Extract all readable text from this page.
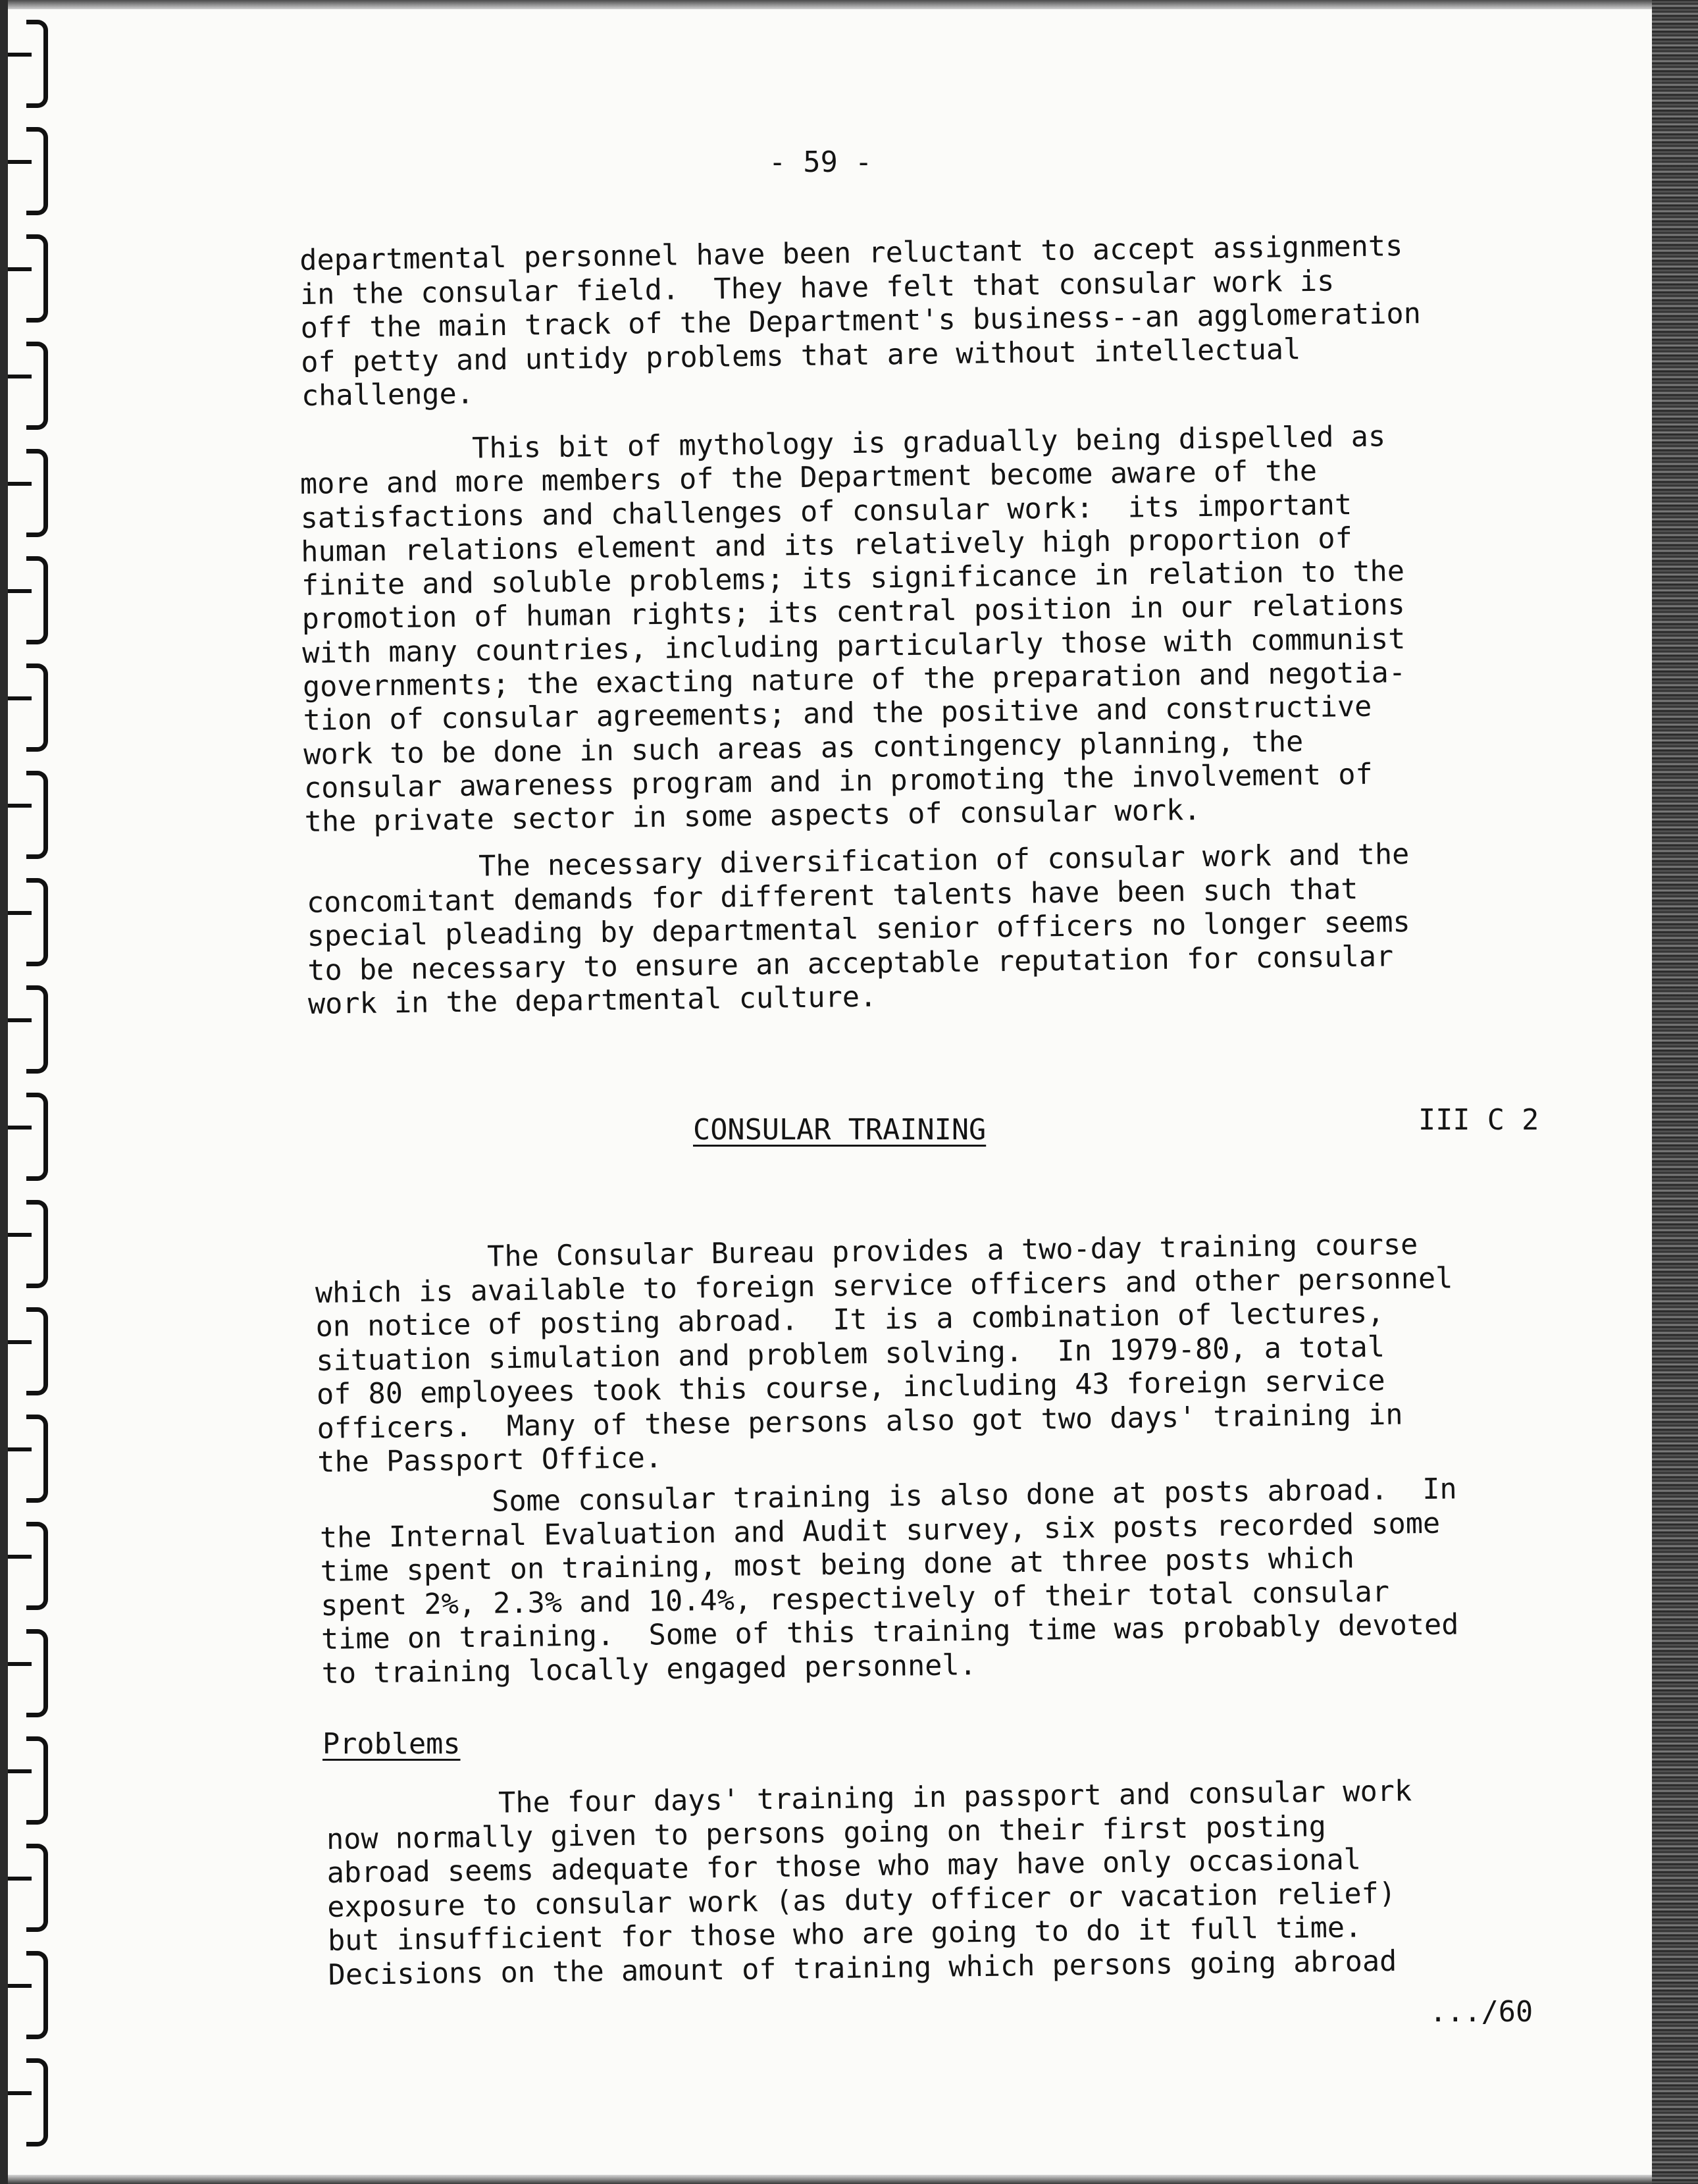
- 59 -
departmental personnel have been reluctant to accept assignments
in the consular field.  They have felt that consular work is
off the main track of the Department's business--an agglomeration
of petty and untidy problems that are without intellectual
challenge.
This bit of mythology is gradually being dispelled as
more and more members of the Department become aware of the
satisfactions and challenges of consular work:  its important
human relations element and its relatively high proportion of
finite and soluble problems; its significance in relation to the
promotion of human rights; its central position in our relations
with many countries, including particularly those with communist
governments; the exacting nature of the preparation and negotia-
tion of consular agreements; and the positive and constructive
work to be done in such areas as contingency planning, the
consular awareness program and in promoting the involvement of
the private sector in some aspects of consular work.
The necessary diversification of consular work and the
concomitant demands for different talents have been such that
special pleading by departmental senior officers no longer seems
to be necessary to ensure an acceptable reputation for consular
work in the departmental culture.
CONSULAR TRAINING	III C 2
The Consular Bureau provides a two-day training course
which is available to foreign service officers and other personnel
on notice of posting abroad.  It is a combination of lectures,
situation simulation and problem solving.  In 1979-80, a total
of 80 employees took this course, including 43 foreign service
officers.  Many of these persons also got two days' training in
the Passport Office.
Some consular training is also done at posts abroad.  In
the Internal Evaluation and Audit survey, six posts recorded some
time spent on training, most being done at three posts which
spent 2%, 2.3% and 10.4%, respectively of their total consular
time on training.  Some of this training time was probably devoted
to training locally engaged personnel.
Problems
The four days' training in passport and consular work
now normally given to persons going on their first posting
abroad seems adequate for those who may have only occasional
exposure to consular work (as duty officer or vacation relief)
but insufficient for those who are going to do it full time.
Decisions on the amount of training which persons going abroad
.../60
